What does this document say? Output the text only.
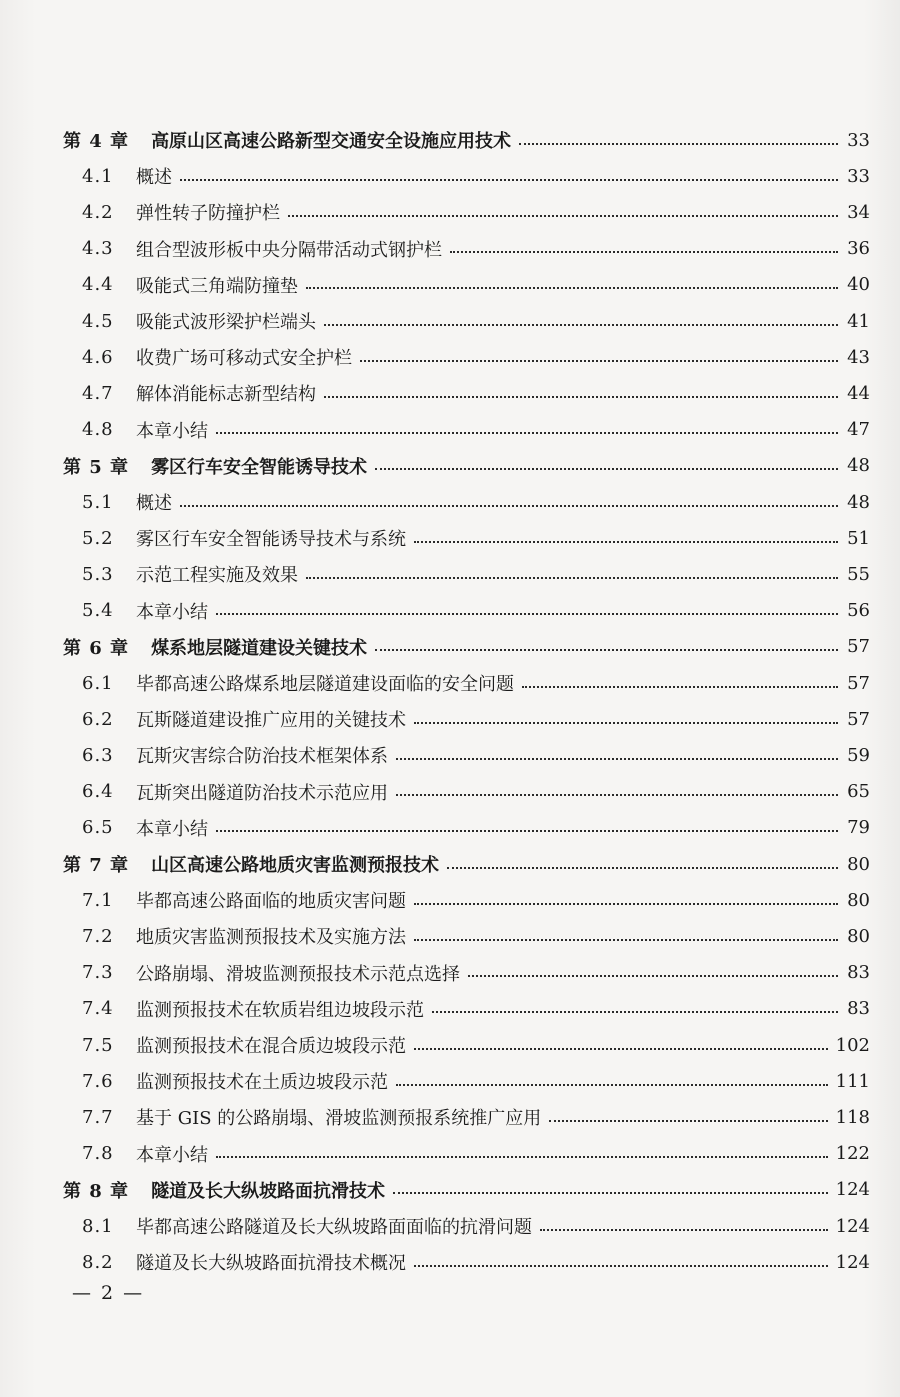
第 4 章 高原山区高速公路新型交通安全设施应用技术	33
4.1	概述	33
4.2	弹性转子防撞护栏	34
4.3	组合型波形板中央分隔带活动式钢护栏	36
4.4	吸能式三角端防撞垫	40
4.5	吸能式波形梁护栏端头	41
4.6	收费广场可移动式安全护栏	43
4.7	解体消能标志新型结构	44
4.8	本章小结	47
第 5 章 雾区行车安全智能诱导技术	48
5.1	概述	48
5.2	雾区行车安全智能诱导技术与系统	51
5.3	示范工程实施及效果	55
5.4	本章小结	56
第 6 章 煤系地层隧道建设关键技术	57
6.1	毕都高速公路煤系地层隧道建设面临的安全问题	57
6.2	瓦斯隧道建设推广应用的关键技术	57
6.3	瓦斯灾害综合防治技术框架体系	59
6.4	瓦斯突出隧道防治技术示范应用	65
6.5	本章小结	79
第 7 章 山区高速公路地质灾害监测预报技术	80
7.1	毕都高速公路面临的地质灾害问题	80
7.2	地质灾害监测预报技术及实施方法	80
7.3	公路崩塌、滑坡监测预报技术示范点选择	83
7.4	监测预报技术在软质岩组边坡段示范	83
7.5	监测预报技术在混合质边坡段示范	102
7.6	监测预报技术在土质边坡段示范	111
7.7	基于 GIS 的公路崩塌、滑坡监测预报系统推广应用	118
7.8	本章小结	122
第 8 章 隧道及长大纵坡路面抗滑技术	124
8.1	毕都高速公路隧道及长大纵坡路面面临的抗滑问题	124
8.2	隧道及长大纵坡路面抗滑技术概况	124
— 2 —
